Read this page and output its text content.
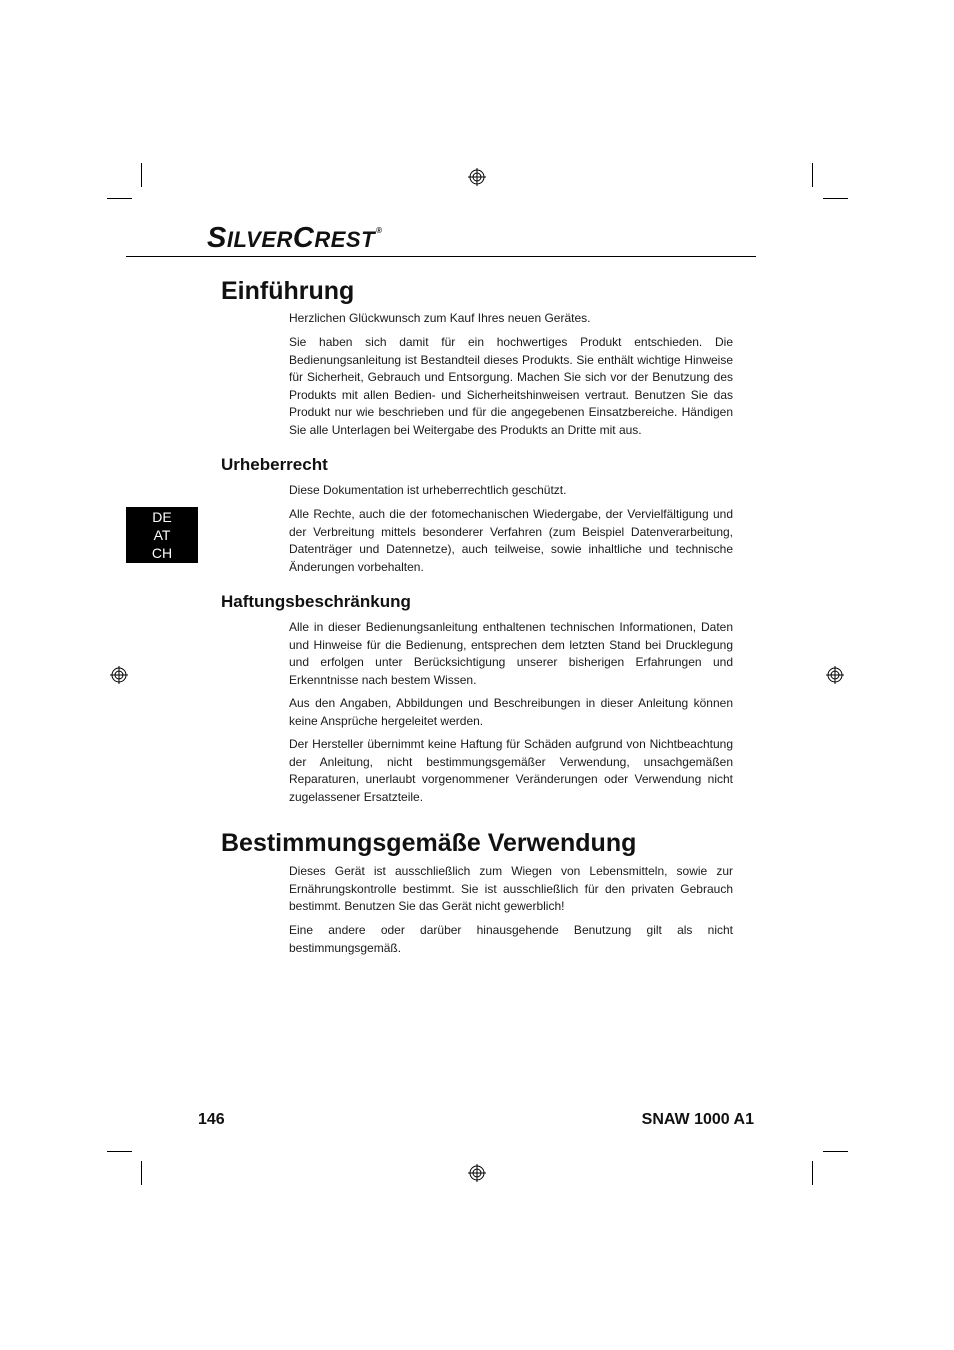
SILVERCREST®
Einführung

Herzlichen Glückwunsch zum Kauf Ihres neuen Gerätes.

Sie haben sich damit für ein hochwertiges Produkt entschieden. Die Bedienungsanleitung ist Bestandteil dieses Produkts. Sie enthält wichtige Hinweise für Sicherheit, Gebrauch und Entsorgung. Machen Sie sich vor der Benutzung des Produkts mit allen Bedien- und Sicherheitshinweisen vertraut. Benutzen Sie das Produkt nur wie beschrieben und für die angegebenen Einsatzbereiche. Händigen Sie alle Unterlagen bei Weitergabe des Produkts an Dritte mit aus.

Urheberrecht

Diese Dokumentation ist urheberrechtlich geschützt.

Alle Rechte, auch die der fotomechanischen Wiedergabe, der Vervielfältigung und der Verbreitung mittels besonderer Verfahren (zum Beispiel Datenverarbeitung, Datenträger und Datennetze), auch teilweise, sowie inhaltliche und technische Änderungen vorbehalten.

DE
AT
CH
Haftungsbeschränkung

Alle in dieser Bedienungsanleitung enthaltenen technischen Informationen, Daten und Hinweise für die Bedienung, entsprechen dem letzten Stand bei Drucklegung und erfolgen unter Berücksichtigung unserer bisherigen Erfahrungen und Erkenntnisse nach bestem Wissen.

Aus den Angaben, Abbildungen und Beschreibungen in dieser Anleitung können keine Ansprüche hergeleitet werden.

Der Hersteller übernimmt keine Haftung für Schäden aufgrund von Nichtbeachtung der Anleitung, nicht bestimmungsgemäßer Verwendung, unsachgemäßen Reparaturen, unerlaubt vorgenommener Veränderungen oder Verwendung nicht zugelassener Ersatzteile.

Bestimmungsgemäße Verwendung

Dieses Gerät ist ausschließlich zum Wiegen von Lebensmitteln, sowie zur Ernährungskontrolle bestimmt. Sie ist ausschließlich für den privaten Gebrauch bestimmt. Benutzen Sie das Gerät nicht gewerblich!

Eine andere oder darüber hinausgehende Benutzung gilt als nicht bestimmungsgemäß.

146	SNAW 1000 A1
